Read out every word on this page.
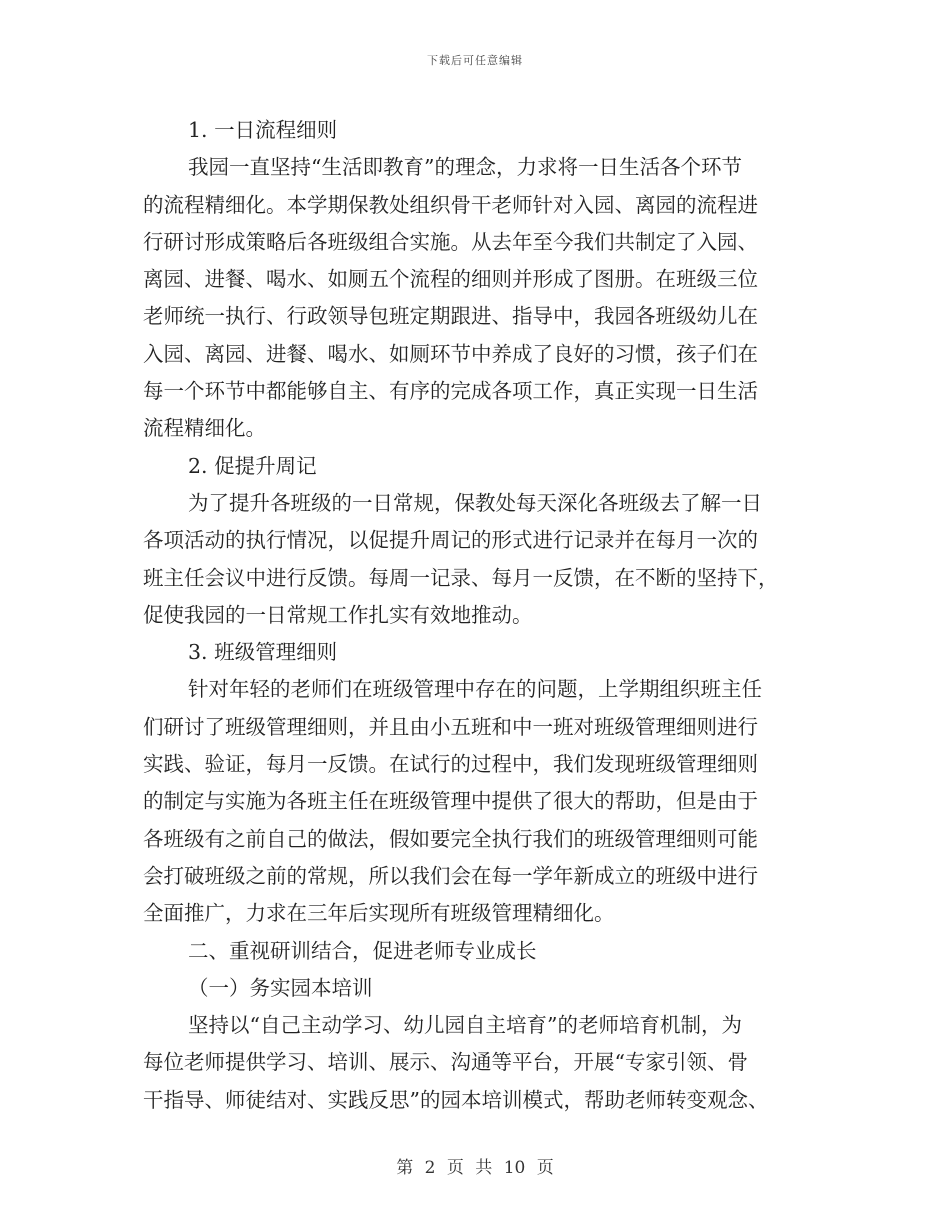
下载后可任意编辑
1. 一日流程细则
我园一直坚持“生活即教育”的理念，力求将一日生活各个环节
的流程精细化。本学期保教处组织骨干老师针对入园、离园的流程进
行研讨形成策略后各班级组合实施。从去年至今我们共制定了入园、
离园、进餐、喝水、如厕五个流程的细则并形成了图册。在班级三位
老师统一执行、行政领导包班定期跟进、指导中，我园各班级幼儿在
入园、离园、进餐、喝水、如厕环节中养成了良好的习惯，孩子们在
每一个环节中都能够自主、有序的完成各项工作，真正实现一日生活
流程精细化。
2. 促提升周记
为了提升各班级的一日常规，保教处每天深化各班级去了解一日
各项活动的执行情况，以促提升周记的形式进行记录并在每月一次的
班主任会议中进行反馈。每周一记录、每月一反馈，在不断的坚持下，
促使我园的一日常规工作扎实有效地推动。
3. 班级管理细则
针对年轻的老师们在班级管理中存在的问题，上学期组织班主任
们研讨了班级管理细则，并且由小五班和中一班对班级管理细则进行
实践、验证，每月一反馈。在试行的过程中，我们发现班级管理细则
的制定与实施为各班主任在班级管理中提供了很大的帮助，但是由于
各班级有之前自己的做法，假如要完全执行我们的班级管理细则可能
会打破班级之前的常规，所以我们会在每一学年新成立的班级中进行
全面推广，力求在三年后实现所有班级管理精细化。
二、重视研训结合，促进老师专业成长
（一）务实园本培训
坚持以“自己主动学习、幼儿园自主培育”的老师培育机制，为
每位老师提供学习、培训、展示、沟通等平台，开展“专家引领、骨
干指导、师徒结对、实践反思”的园本培训模式，帮助老师转变观念、
第 2 页 共 10 页
